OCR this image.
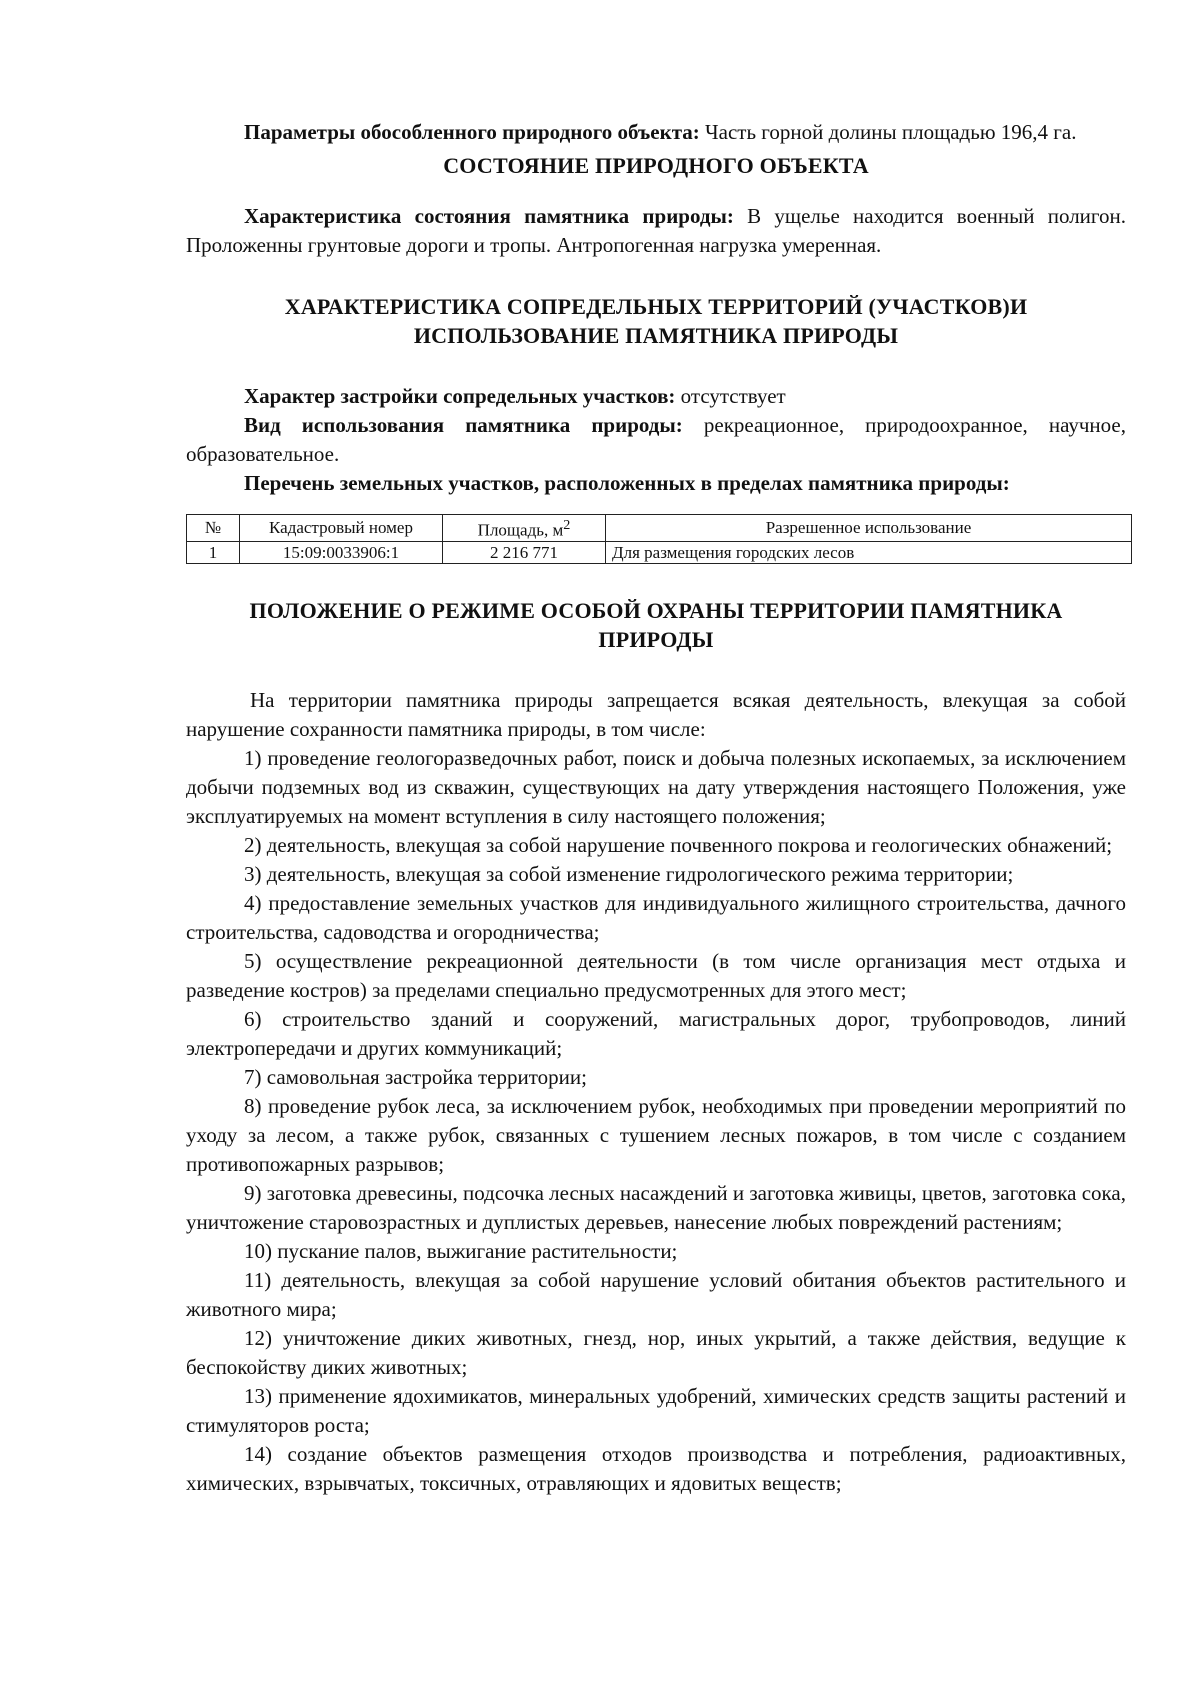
Параметры обособленного природного объекта: Часть горной долины площадью 196,4 га.

СОСТОЯНИЕ ПРИРОДНОГО ОБЪЕКТА

Характеристика состояния памятника природы: В ущелье находится военный полигон. Проложенны грунтовые дороги и тропы. Антропогенная нагрузка умеренная.

ХАРАКТЕРИСТИКА СОПРЕДЕЛЬНЫХ ТЕРРИТОРИЙ (УЧАСТКОВ)И
ИСПОЛЬЗОВАНИЕ ПАМЯТНИКА ПРИРОДЫ

Характер застройки сопредельных участков: отсутствует

Вид использования памятника природы: рекреационное, природоохранное, научное, образовательное.

Перечень земельных участков, расположенных в пределах памятника природы:

№	Кадастровый номер	Площадь, $м^2$	Разрешенное использование
1	15:09:0033906:1	2 216 771	Для размещения городских лесов
ПОЛОЖЕНИЕ О РЕЖИМЕ ОСОБОЙ ОХРАНЫ ТЕРРИТОРИИ ПАМЯТНИКА
ПРИРОДЫ

На территории памятника природы запрещается всякая деятельность, влекущая за собой нарушение сохранности памятника природы, в том числе:

1) проведение геологоразведочных работ, поиск и добыча полезных ископаемых, за исключением добычи подземных вод из скважин, существующих на дату утверждения настоящего Положения, уже эксплуатируемых на момент вступления в силу настоящего положения;

2) деятельность, влекущая за собой нарушение почвенного покрова и геологических обнажений;

3) деятельность, влекущая за собой изменение гидрологического режима территории;

4) предоставление земельных участков для индивидуального жилищного строительства, дачного строительства, садоводства и огородничества;

5) осуществление рекреационной деятельности (в том числе организация мест отдыха и разведение костров) за пределами специально предусмотренных для этого мест;

6) строительство зданий и сооружений, магистральных дорог, трубопроводов, линий электропередачи и других коммуникаций;

7) самовольная застройка территории;

8) проведение рубок леса, за исключением рубок, необходимых при проведении мероприятий по уходу за лесом, а также рубок, связанных с тушением лесных пожаров, в том числе с созданием противопожарных разрывов;

9) заготовка древесины, подсочка лесных насаждений и заготовка живицы, цветов, заготовка сока, уничтожение старовозрастных и дуплистых деревьев, нанесение любых повреждений растениям;

10) пускание палов, выжигание растительности;

11) деятельность, влекущая за собой нарушение условий обитания объектов растительного и животного мира;

12) уничтожение диких животных, гнезд, нор, иных укрытий, а также действия, ведущие к беспокойству диких животных;

13) применение ядохимикатов, минеральных удобрений, химических средств защиты растений и стимуляторов роста;

14) создание объектов размещения отходов производства и потребления, радиоактивных, химических, взрывчатых, токсичных, отравляющих и ядовитых веществ;
